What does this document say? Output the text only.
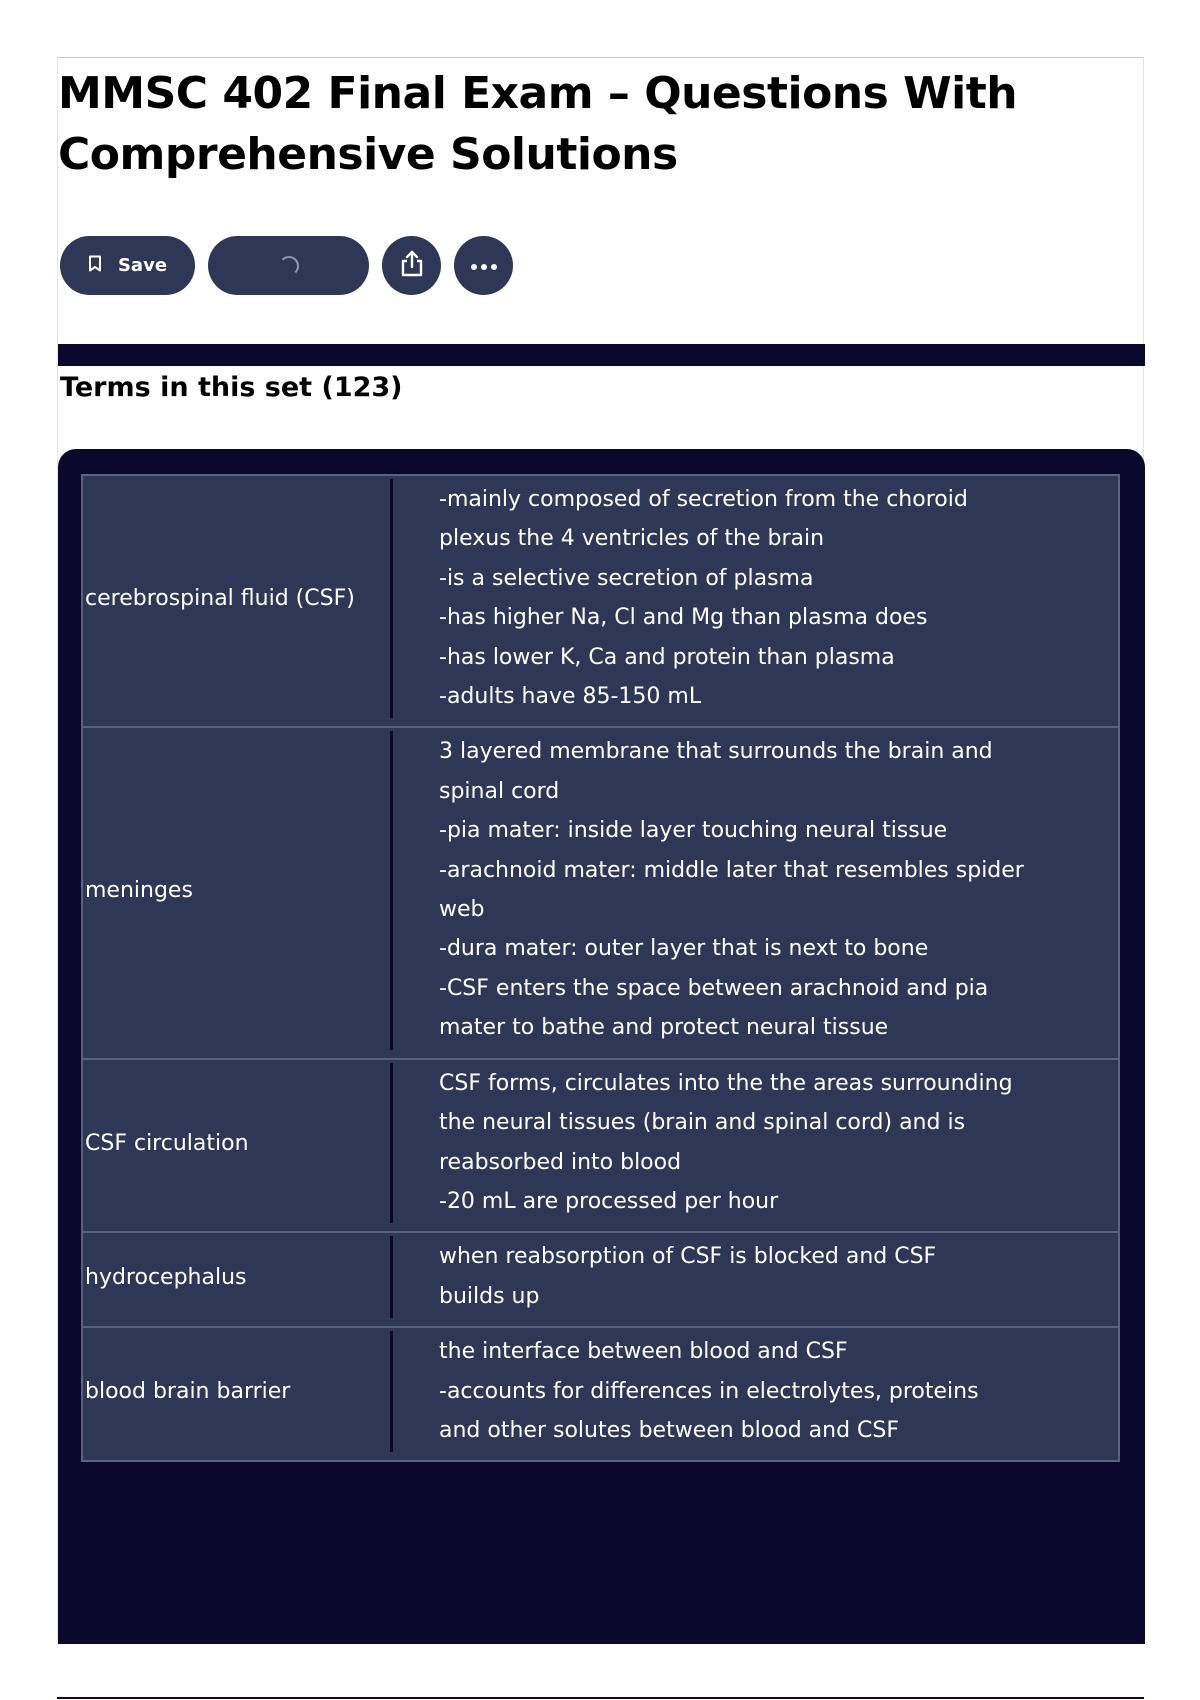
MMSC 402 Final Exam – Questions With Comprehensive Solutions
Save
Terms in this set (123)
cerebrospinal fluid (CSF)
-mainly composed of secretion from the choroid
plexus the 4 ventricles of the brain
-is a selective secretion of plasma
-has higher Na, Cl and Mg than plasma does
-has lower K, Ca and protein than plasma
-adults have 85-150 mL
meninges
3 layered membrane that surrounds the brain and
spinal cord
-pia mater: inside layer touching neural tissue
-arachnoid mater: middle later that resembles spider
web
-dura mater: outer layer that is next to bone
-CSF enters the space between arachnoid and pia
mater to bathe and protect neural tissue
CSF circulation
CSF forms, circulates into the the areas surrounding
the neural tissues (brain and spinal cord) and is
reabsorbed into blood
-20 mL are processed per hour
hydrocephalus
when reabsorption of CSF is blocked and CSF
builds up
blood brain barrier
the interface between blood and CSF
-accounts for differences in electrolytes, proteins
and other solutes between blood and CSF
